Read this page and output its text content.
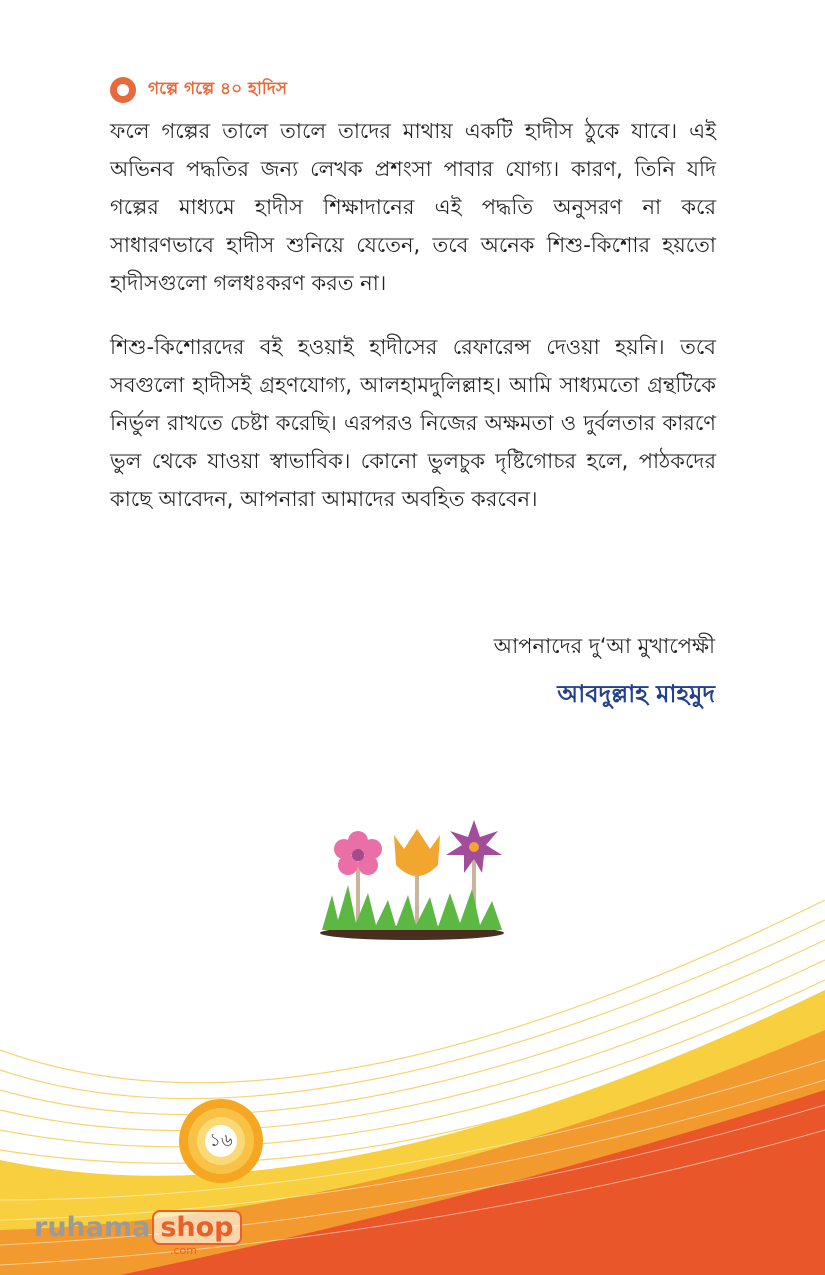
গল্পে গল্পে ৪০ হাদিস

ফলে গল্পের তালে তালে তাদের মাথায় একটি হাদীস ঠুকে যাবে। এই অভিনব পদ্ধতির জন্য লেখক প্রশংসা পাবার যোগ্য। কারণ, তিনি যদি গল্পের মাধ্যমে হাদীস শিক্ষাদানের এই পদ্ধতি অনুসরণ না করে সাধারণভাবে হাদীস শুনিয়ে যেতেন, তবে অনেক শিশু-কিশোর হয়তো হাদীসগুলো গলধঃকরণ করত না।

শিশু-কিশোরদের বই হওয়াই হাদীসের রেফারেন্স দেওয়া হয়নি। তবে সবগুলো হাদীসই গ্রহণযোগ্য, আলহামদুলিল্লাহ। আমি সাধ্যমতো গ্রন্থটিকে নির্ভুল রাখতে চেষ্টা করেছি। এরপরও নিজের অক্ষমতা ও দুর্বলতার কারণে ভুল থেকে যাওয়া স্বাভাবিক। কোনো ভুলচুক দৃষ্টিগোচর হলে, পাঠকদের কাছে আবেদন, আপনারা আমাদের অবহিত করবেন।

আপনাদের দু‘আ মুখাপেক্ষী
আবদুল্লাহ মাহমুদ
১৬
ruhama shop
.com
